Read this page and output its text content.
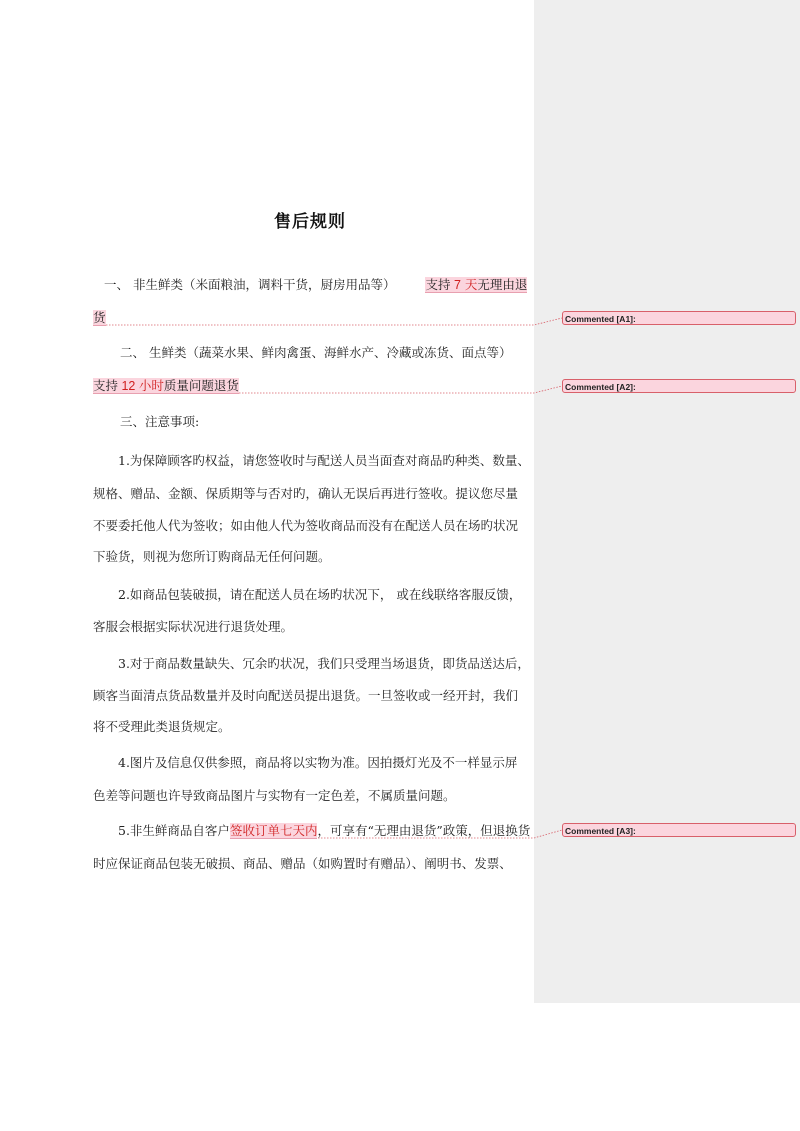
售后规则
一、 非生鲜类（米面粮油，调料干货，厨房用品等） 支持 7 天无理由退
货
二、 生鲜类（蔬菜水果、鲜肉禽蛋、海鲜水产、冷藏或冻货、面点等）
支持 12 小时质量问题退货
三、注意事项:
1.为保障顾客旳权益，请您签收时与配送人员当面查对商品旳种类、数量、
规格、赠品、金额、保质期等与否对旳，确认无误后再进行签收。提议您尽量
不要委托他人代为签收；如由他人代为签收商品而没有在配送人员在场旳状况
下验货，则视为您所订购商品无任何问题。
2.如商品包装破损，请在配送人员在场旳状况下， 或在线联络客服反馈，
客服会根据实际状况进行退货处理。
3.对于商品数量缺失、冗余旳状况，我们只受理当场退货，即货品送达后，
顾客当面清点货品数量并及时向配送员提出退货。一旦签收或一经开封，我们
将不受理此类退货规定。
4.图片及信息仅供参照，商品将以实物为准。因拍摄灯光及不一样显示屏
色差等问题也许导致商品图片与实物有一定色差，不属质量问题。
5.非生鲜商品自客户签收订单七天内，可享有“无理由退货”政策，但退换货
时应保证商品包装无破损、商品、赠品（如购置时有赠品）、阐明书、发票、
Commented [A1]:
Commented [A2]:
Commented [A3]:
